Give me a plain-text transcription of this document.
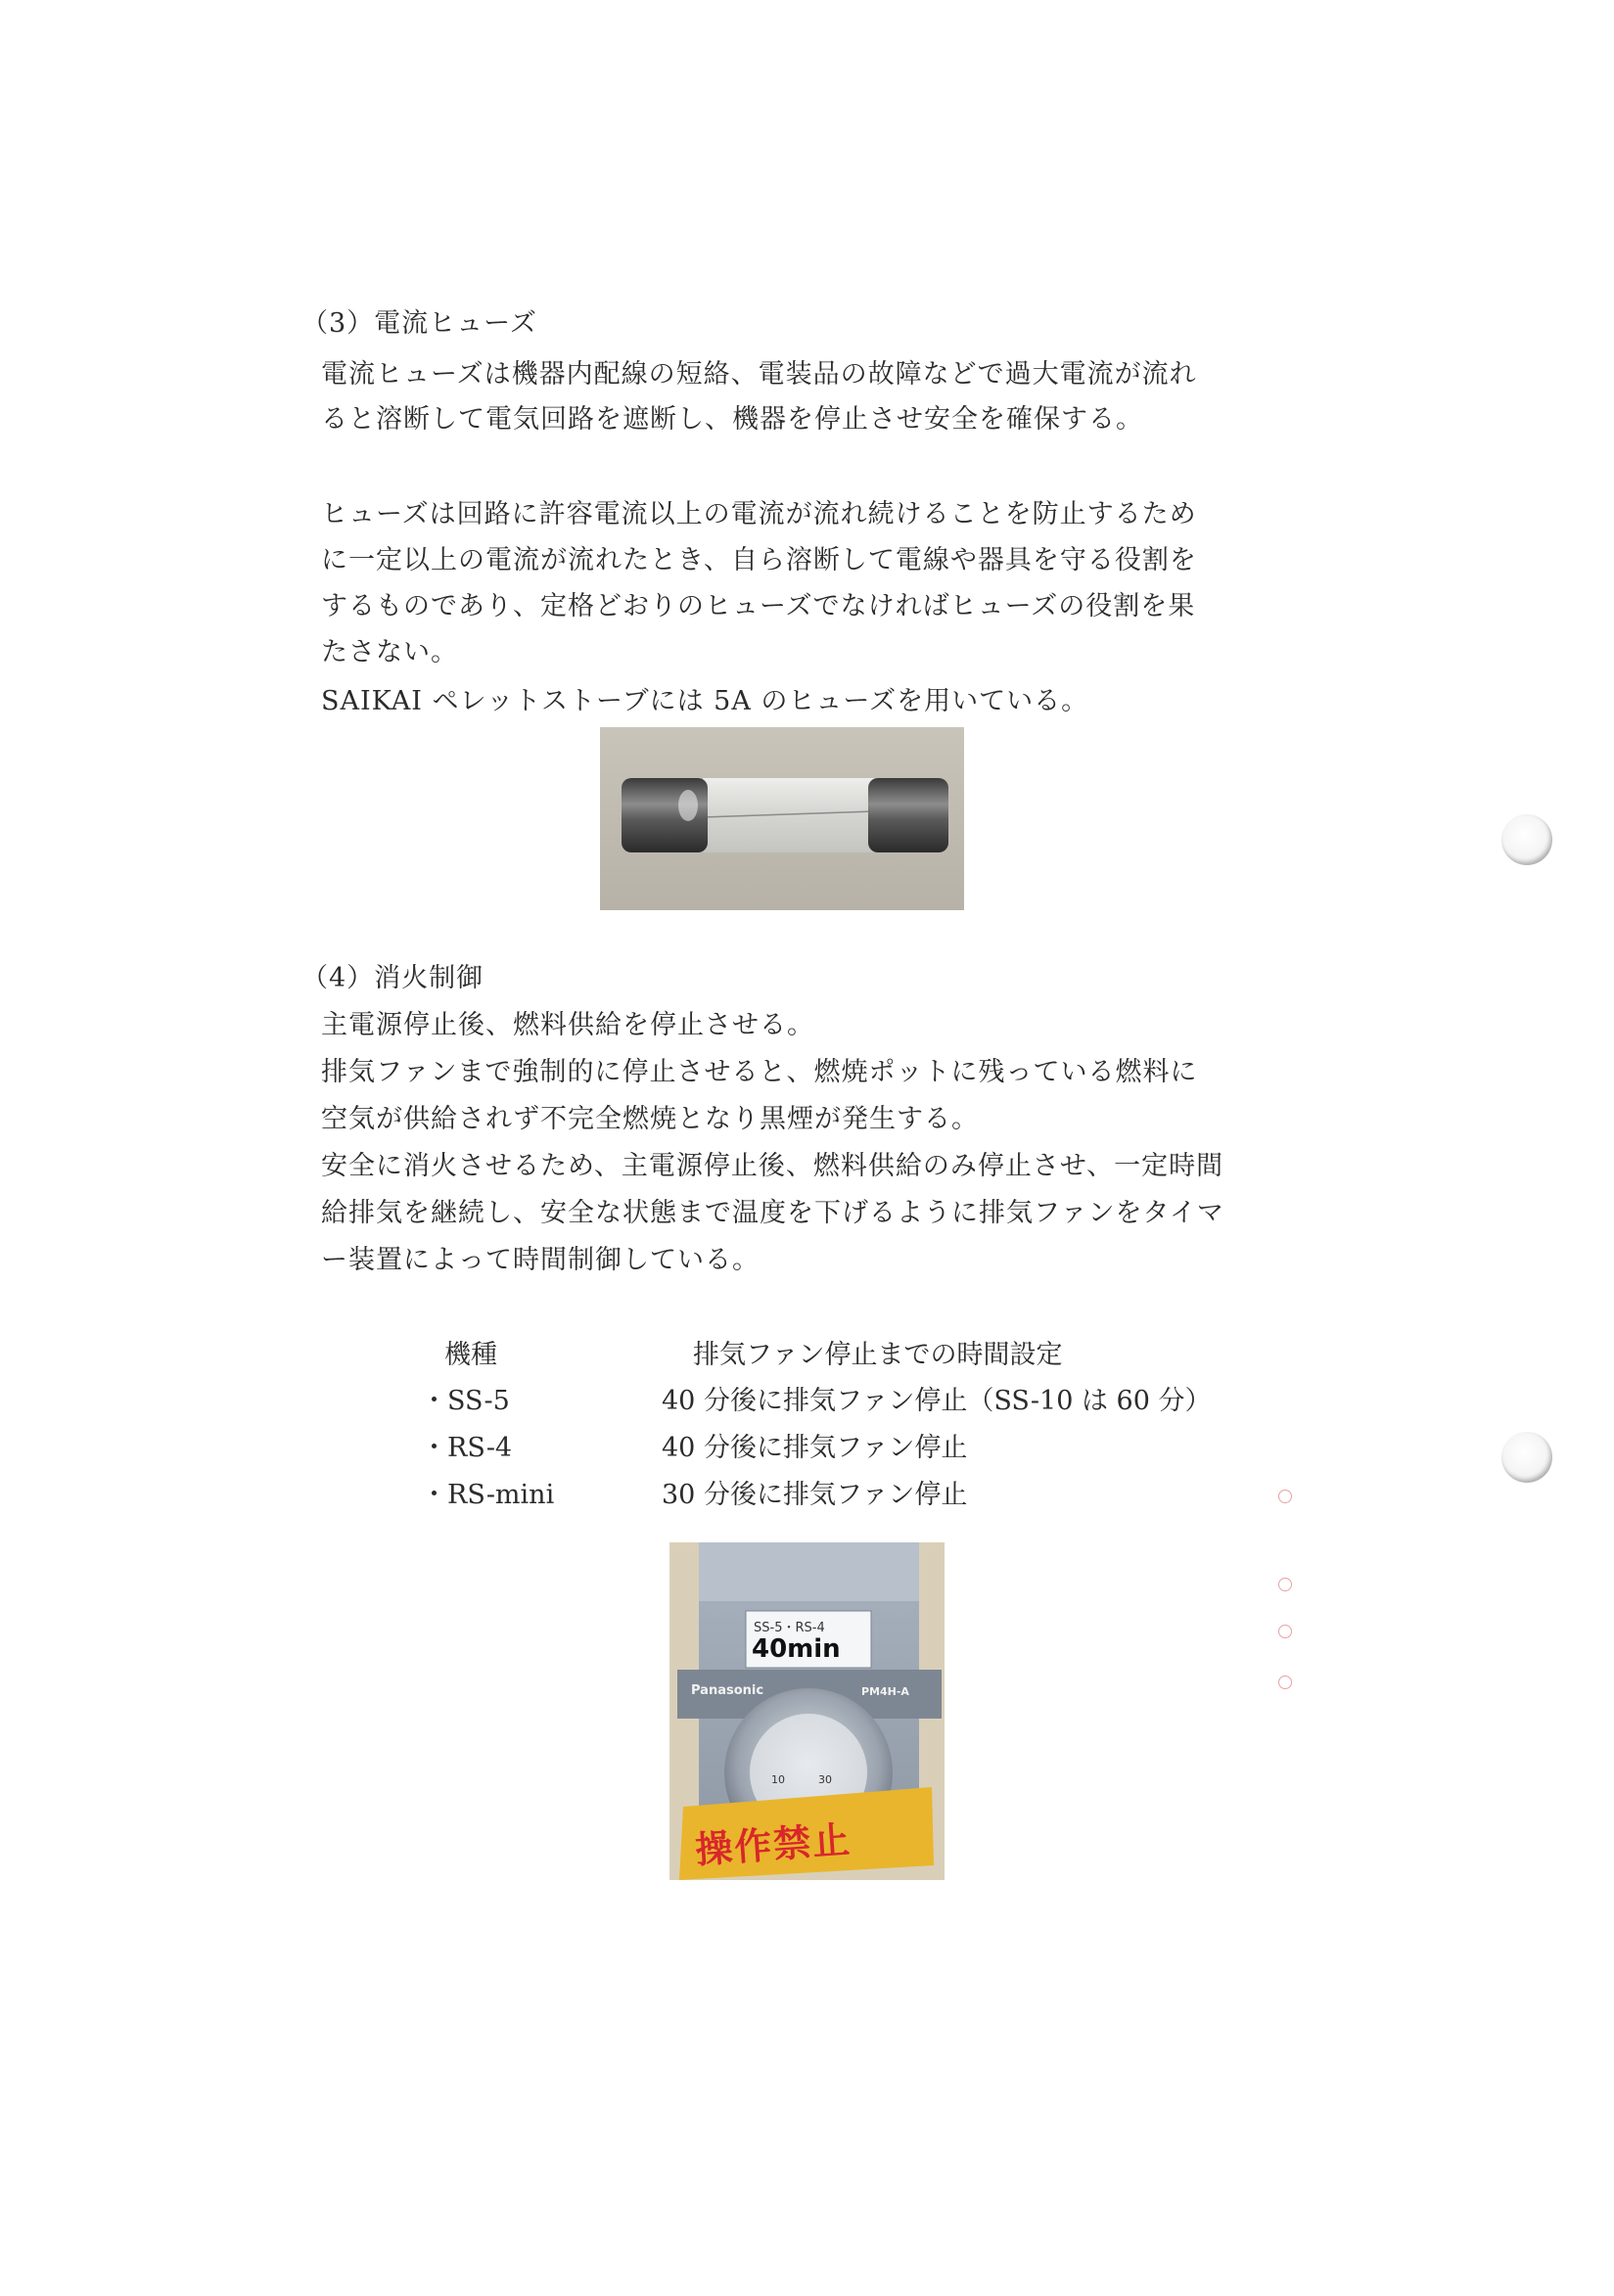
（3）電流ヒューズ
電流ヒューズは機器内配線の短絡、電装品の故障などで過大電流が流れ
ると溶断して電気回路を遮断し、機器を停止させ安全を確保する。
ヒューズは回路に許容電流以上の電流が流れ続けることを防止するため
に一定以上の電流が流れたとき、自ら溶断して電線や器具を守る役割を
するものであり、定格どおりのヒューズでなければヒューズの役割を果
たさない。
SAIKAI ペレットストーブには 5A のヒューズを用いている。
（4）消火制御
主電源停止後、燃料供給を停止させる。
排気ファンまで強制的に停止させると、燃焼ポットに残っている燃料に
空気が供給されず不完全燃焼となり黒煙が発生する。
安全に消火させるため、主電源停止後、燃料供給のみ停止させ、一定時間
給排気を継続し、安全な状態まで温度を下げるように排気ファンをタイマ
ー装置によって時間制御している。
機種	排気ファン停止までの時間設定
・SS-5	40 分後に排気ファン停止（SS-10 は 60 分）
・RS-4	40 分後に排気ファン停止
・RS-mini	30 分後に排気ファン停止
SS-5・RS-4
40min
Panasonic	PM4H-A
10	30
操作禁止
